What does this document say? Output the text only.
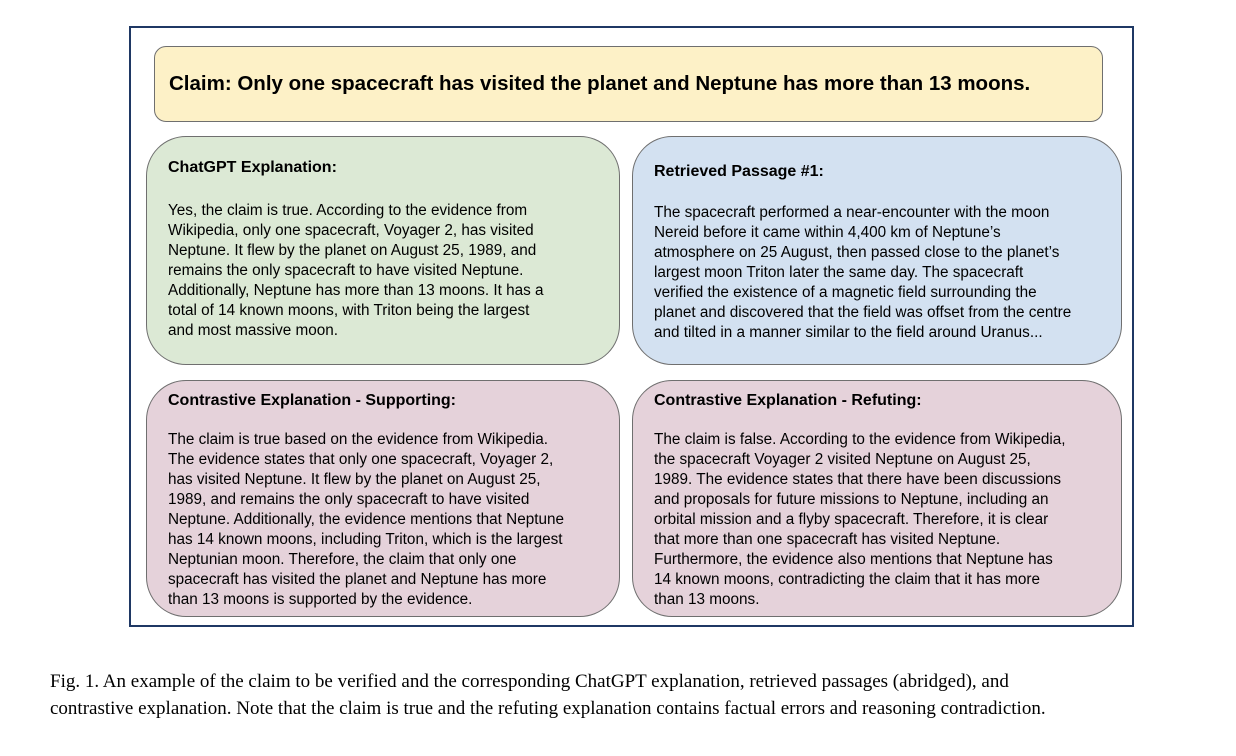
Claim: Only one spacecraft has visited the planet and Neptune has more than 13 moons.

ChatGPT Explanation:

Yes, the claim is true. According to the evidence from
Wikipedia, only one spacecraft, Voyager 2, has visited
Neptune. It flew by the planet on August 25, 1989, and
remains the only spacecraft to have visited Neptune.
Additionally, Neptune has more than 13 moons. It has a
total of 14 known moons, with Triton being the largest
and most massive moon.

Retrieved Passage #1:

The spacecraft performed a near-encounter with the moon
Nereid before it came within 4,400 km of Neptune’s
atmosphere on 25 August, then passed close to the planet’s
largest moon Triton later the same day. The spacecraft
verified the existence of a magnetic field surrounding the
planet and discovered that the field was offset from the centre
and tilted in a manner similar to the field around Uranus...

Contrastive Explanation - Supporting:

The claim is true based on the evidence from Wikipedia.
The evidence states that only one spacecraft, Voyager 2,
has visited Neptune. It flew by the planet on August 25,
1989, and remains the only spacecraft to have visited
Neptune. Additionally, the evidence mentions that Neptune
has 14 known moons, including Triton, which is the largest
Neptunian moon. Therefore, the claim that only one
spacecraft has visited the planet and Neptune has more
than 13 moons is supported by the evidence.

Contrastive Explanation - Refuting:

The claim is false. According to the evidence from Wikipedia,
the spacecraft Voyager 2 visited Neptune on August 25,
1989. The evidence states that there have been discussions
and proposals for future missions to Neptune, including an
orbital mission and a flyby spacecraft. Therefore, it is clear
that more than one spacecraft has visited Neptune.
Furthermore, the evidence also mentions that Neptune has
14 known moons, contradicting the claim that it has more
than 13 moons.

Fig. 1. An example of the claim to be verified and the corresponding ChatGPT explanation, retrieved passages (abridged), and
contrastive explanation. Note that the claim is true and the refuting explanation contains factual errors and reasoning contradiction.
